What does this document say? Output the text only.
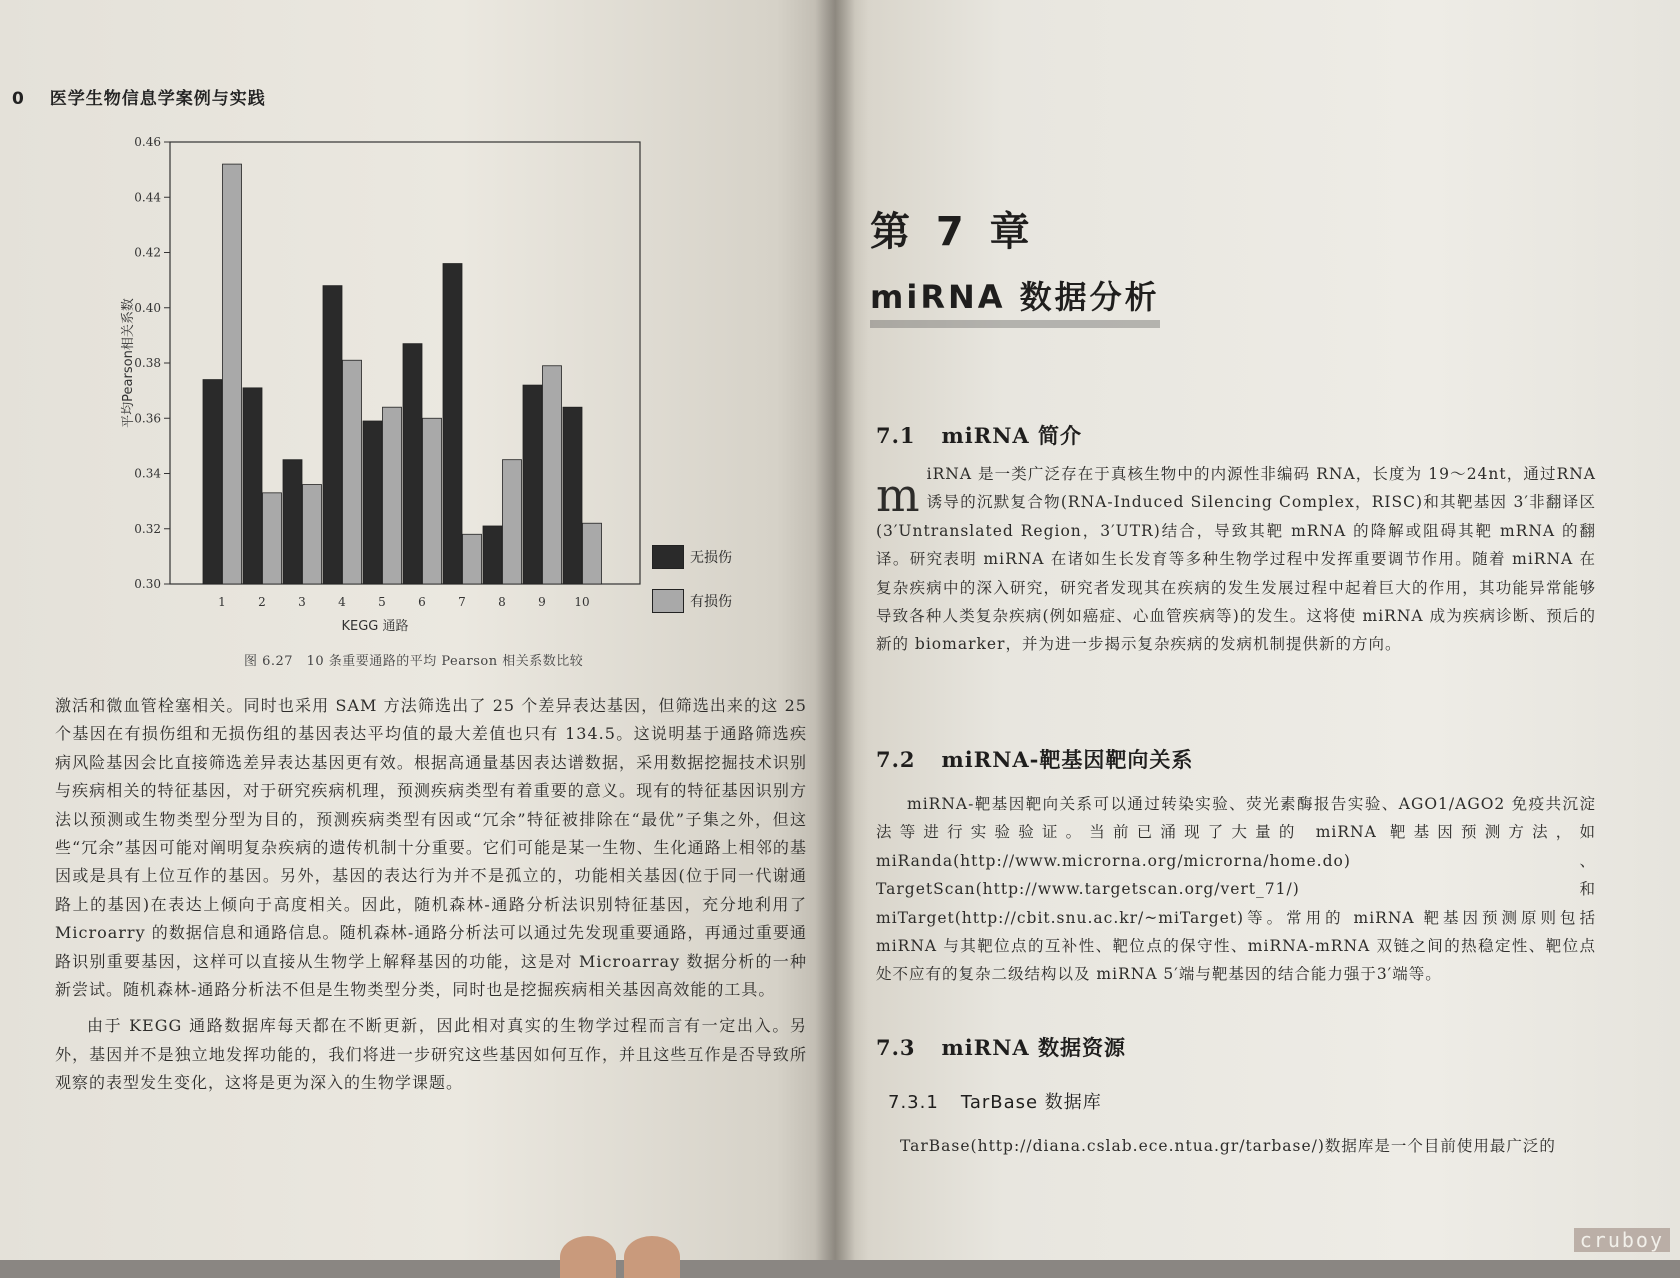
0 医学生物信息学案例与实践
0.30
0.32
0.34
0.36
0.38
0.40
0.42
0.44
0.46
1	2	3	4	5	6	7	8	9 10
KEGG 通路
平均Pearson相关系数
图 6.27　10 条重要通路的平均 Pearson 相关系数比较

激活和微血管栓塞相关。同时也采用 SAM 方法筛选出了 25 个差异表达基因，但筛选出来的这 25 个基因在有损伤组和无损伤组的基因表达平均值的最大差值也只有 134.5。这说明基于通路筛选疾病风险基因会比直接筛选差异表达基因更有效。根据高通量基因表达谱数据，采用数据挖掘技术识别与疾病相关的特征基因，对于研究疾病机理，预测疾病类型有着重要的意义。现有的特征基因识别方法以预测或生物类型分型为目的，预测疾病类型有因或“冗余”特征被排除在“最优”子集之外，但这些“冗余”基因可能对阐明复杂疾病的遗传机制十分重要。它们可能是某一生物、生化通路上相邻的基因或是具有上位互作的基因。另外，基因的表达行为并不是孤立的，功能相关基因(位于同一代谢通路上的基因)在表达上倾向于高度相关。因此，随机森林-通路分析法识别特征基因，充分地利用了 Microarry 的数据信息和通路信息。随机森林-通路分析法可以通过先发现重要通路，再通过重要通路识别重要基因，这样可以直接从生物学上解释基因的功能，这是对 Microarray 数据分析的一种新尝试。随机森林-通路分析法不但是生物类型分类，同时也是挖掘疾病相关基因高效能的工具。

由于 KEGG 通路数据库每天都在不断更新，因此相对真实的生物学过程而言有一定出入。另外，基因并不是独立地发挥功能的，我们将进一步研究这些基因如何互作，并且这些互作是否导致所观察的表型发生变化，这将是更为深入的生物学课题。

无损伤
有损伤
第 7 章
miRNA 数据分析
7.1 miRNA 简介

miRNA 是一类广泛存在于真核生物中的内源性非编码 RNA，长度为 19～24nt，通过RNA 诱导的沉默复合物(RNA-Induced Silencing Complex，RISC)和其靶基因 3′非翻译区(3′Untranslated Region，3′UTR)结合，导致其靶 mRNA 的降解或阻碍其靶 mRNA 的翻译。研究表明 miRNA 在诸如生长发育等多种生物学过程中发挥重要调节作用。随着 miRNA 在复杂疾病中的深入研究，研究者发现其在疾病的发生发展过程中起着巨大的作用，其功能异常能够导致各种人类复杂疾病(例如癌症、心血管疾病等)的发生。这将使 miRNA 成为疾病诊断、预后的新的 biomarker，并为进一步揭示复杂疾病的发病机制提供新的方向。

7.2 miRNA-靶基因靶向关系

miRNA-靶基因靶向关系可以通过转染实验、荧光素酶报告实验、AGO1/AGO2 免疫共沉淀法等进行实验验证。当前已涌现了大量的 miRNA 靶基因预测方法，如 miRanda(http://www.microrna.org/microrna/home.do)、TargetScan(http://www.targetscan.org/vert_71/)和 miTarget(http://cbit.snu.ac.kr/~miTarget)等。常用的 miRNA 靶基因预测原则包括 miRNA 与其靶位点的互补性、靶位点的保守性、miRNA-mRNA 双链之间的热稳定性、靶位点处不应有的复杂二级结构以及 miRNA 5′端与靶基因的结合能力强于3′端等。

7.3 miRNA 数据资源
7.3.1 TarBase 数据库

TarBase(http://diana.cslab.ece.ntua.gr/tarbase/)数据库是一个目前使用最广泛的

cruboy
